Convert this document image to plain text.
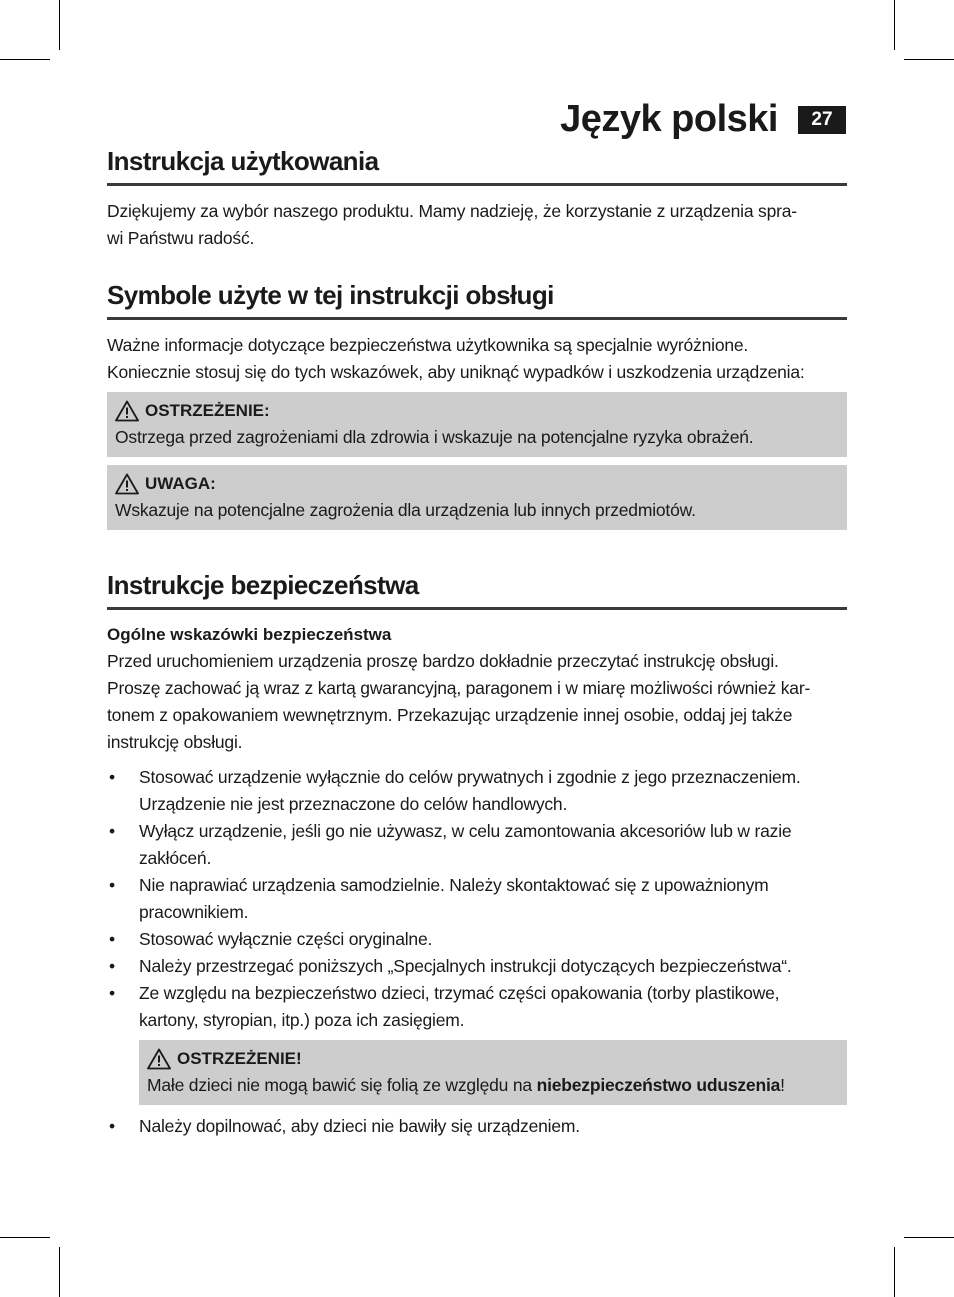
Język polski	27
Instrukcja użytkowania

Dziękujemy za wybór naszego produktu. Mamy nadzieję, że korzystanie z urządzenia spra-

wi Państwu radość.

Symbole użyte w tej instrukcji obsługi

Ważne informacje dotyczące bezpieczeństwa użytkownika są specjalnie wyróżnione.

Koniecznie stosuj się do tych wskazówek, aby uniknąć wypadków i uszkodzenia urządzenia:

OSTRZEŻENIE:

Ostrzega przed zagrożeniami dla zdrowia i wskazuje na potencjalne ryzyka obrażeń.

UWAGA:

Wskazuje na potencjalne zagrożenia dla urządzenia lub innych przedmiotów.

Instrukcje bezpieczeństwa
Ogólne wskazówki bezpieczeństwa

Przed uruchomieniem urządzenia proszę bardzo dokładnie przeczytać instrukcję obsługi.

Proszę zachować ją wraz z kartą gwarancyjną, paragonem i w miarę możliwości również kar-

tonem z opakowaniem wewnętrznym. Przekazując urządzenie innej osobie, oddaj jej także

instrukcję obsługi.

• Stosować urządzenie wyłącznie do celów prywatnych i zgodnie z jego przeznaczeniem.
Urządzenie nie jest przeznaczone do celów handlowych.
• Wyłącz urządzenie, jeśli go nie używasz, w celu zamontowania akcesoriów lub w razie
zakłóceń.
• Nie naprawiać urządzenia samodzielnie. Należy skontaktować się z upoważnionym
pracownikiem.
• Stosować wyłącznie części oryginalne.
• Należy przestrzegać poniższych „Specjalnych instrukcji dotyczących bezpieczeństwa“.
• Ze względu na bezpieczeństwo dzieci, trzymać części opakowania (torby plastikowe,
kartony, styropian, itp.) poza ich zasięgiem.
OSTRZEŻENIE!

Małe dzieci nie mogą bawić się folią ze względu na niebezpieczeństwo uduszenia!

• Należy dopilnować, aby dzieci nie bawiły się urządzeniem.
